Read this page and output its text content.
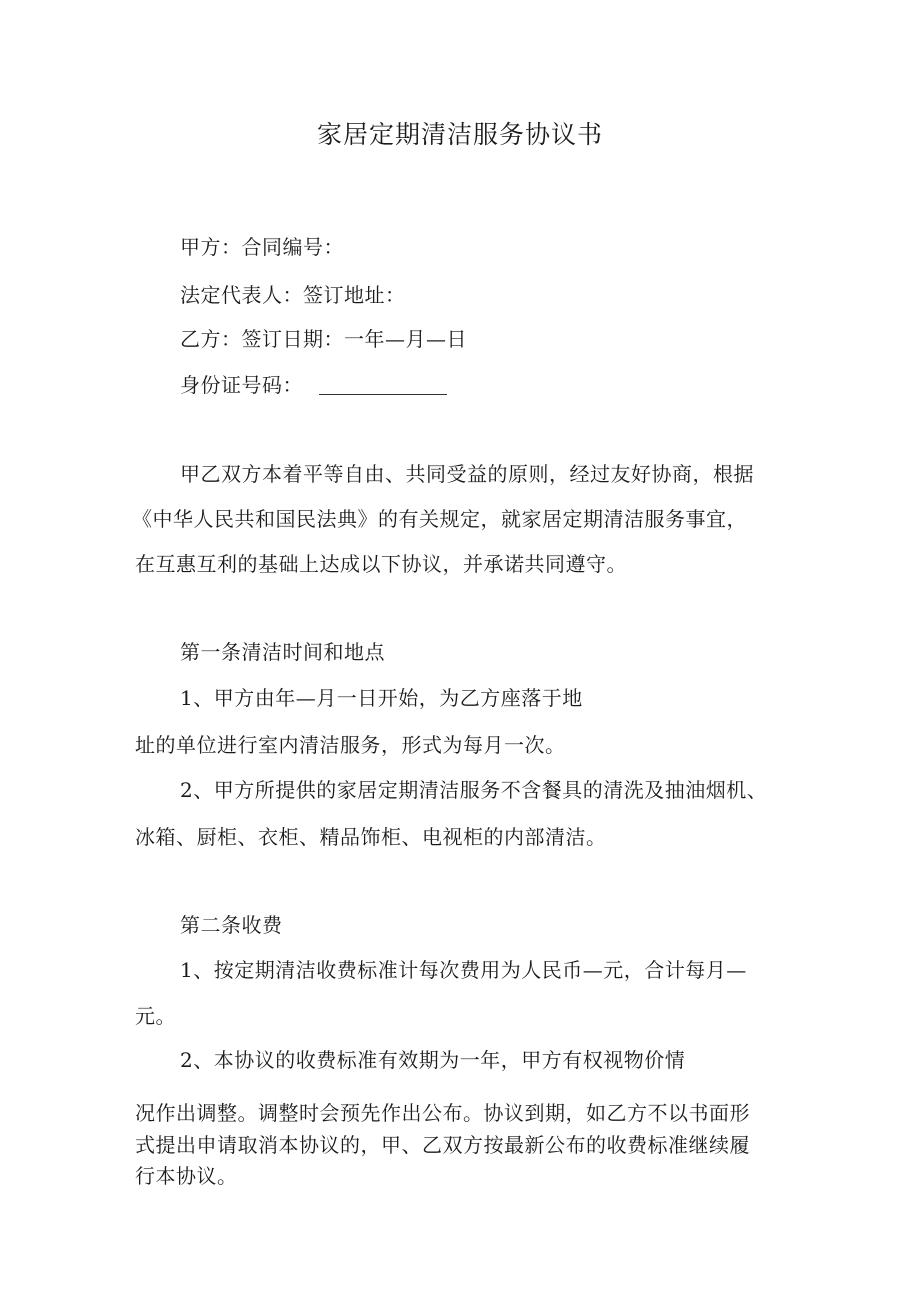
家居定期清洁服务协议书
甲方：合同编号：
法定代表人：签订地址：
乙方：签订日期：一年—月—日
身份证号码：
甲乙双方本着平等自由、共同受益的原则，经过友好协商，根据
《中华人民共和国民法典》的有关规定，就家居定期清洁服务事宜，
在互惠互利的基础上达成以下协议，并承诺共同遵守。
第一条清洁时间和地点
1、甲方由年—月一日开始，为乙方座落于地
址的单位进行室内清洁服务，形式为每月一次。
2、甲方所提供的家居定期清洁服务不含餐具的清洗及抽油烟机、
冰箱、厨柜、衣柜、精品饰柜、电视柜的内部清洁。
第二条收费
1、按定期清洁收费标准计每次费用为人民币—元，合计每月—
元。
2、本协议的收费标准有效期为一年，甲方有权视物价情
况作出调整。调整时会预先作出公布。协议到期，如乙方不以书面形
式提出申请取消本协议的，甲、乙双方按最新公布的收费标准继续履
行本协议。
